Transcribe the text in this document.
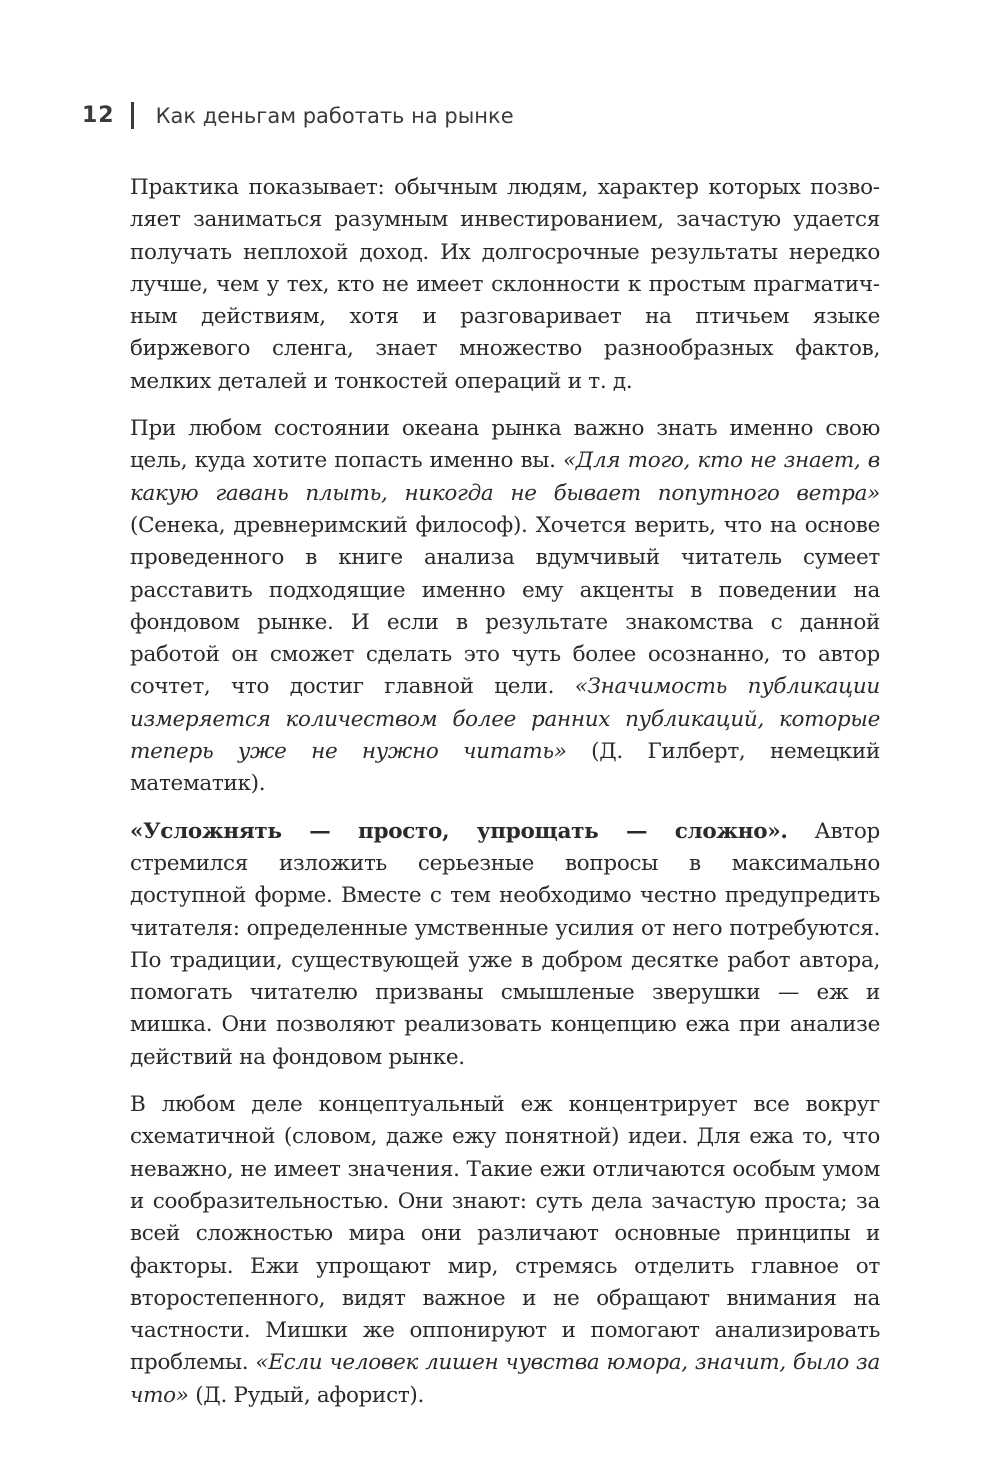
12 Как деньгам работать на рынке

Практика показывает: обычным людям, характер которых позволяет заниматься разумным инвестированием, зачастую удается получать неплохой доход. Их долгосрочные результаты нередко лучше, чем у тех, кто не имеет склонности к простым прагматичным действиям, хотя и разговаривает на птичьем языке биржевого сленга, знает множество разнообразных фактов, мелких деталей и тонкостей операций и т. д.

При любом состоянии океана рынка важно знать именно свою цель, куда хотите попасть именно вы. «Для того, кто не знает, в какую гавань плыть, никогда не бывает попутного ветра» (Сенека, древнеримский философ). Хочется верить, что на основе проведенного в книге анализа вдумчивый читатель сумеет расставить подходящие именно ему акценты в поведении на фондовом рынке. И если в результате знакомства с данной работой он сможет сделать это чуть более осознанно, то автор сочтет, что достиг главной цели. «Значимость публикации измеряется количеством более ранних публикаций, которые теперь уже не нужно читать» (Д. Гилберт, немецкий математик).

«Усложнять — просто, упрощать — сложно». Автор стремился изложить серьезные вопросы в максимально доступной форме. Вместе с тем необходимо честно предупредить читателя: определенные умственные усилия от него потребуются. По традиции, существующей уже в добром десятке работ автора, помогать читателю призваны смышленые зверушки — еж и мишка. Они позволяют реализовать концепцию ежа при анализе действий на фондовом рынке.

В любом деле концептуальный еж концентрирует все вокруг схематичной (словом, даже ежу понятной) идеи. Для ежа то, что неважно, не имеет значения. Такие ежи отличаются особым умом и сообразительностью. Они знают: суть дела зачастую проста; за всей сложностью мира они различают основные принципы и факторы. Ежи упрощают мир, стремясь отделить главное от второстепенного, видят важное и не обращают внимания на частности. Мишки же оппонируют и помогают анализировать проблемы. «Если человек лишен чувства юмора, значит, было за что» (Д. Рудый, афорист).
